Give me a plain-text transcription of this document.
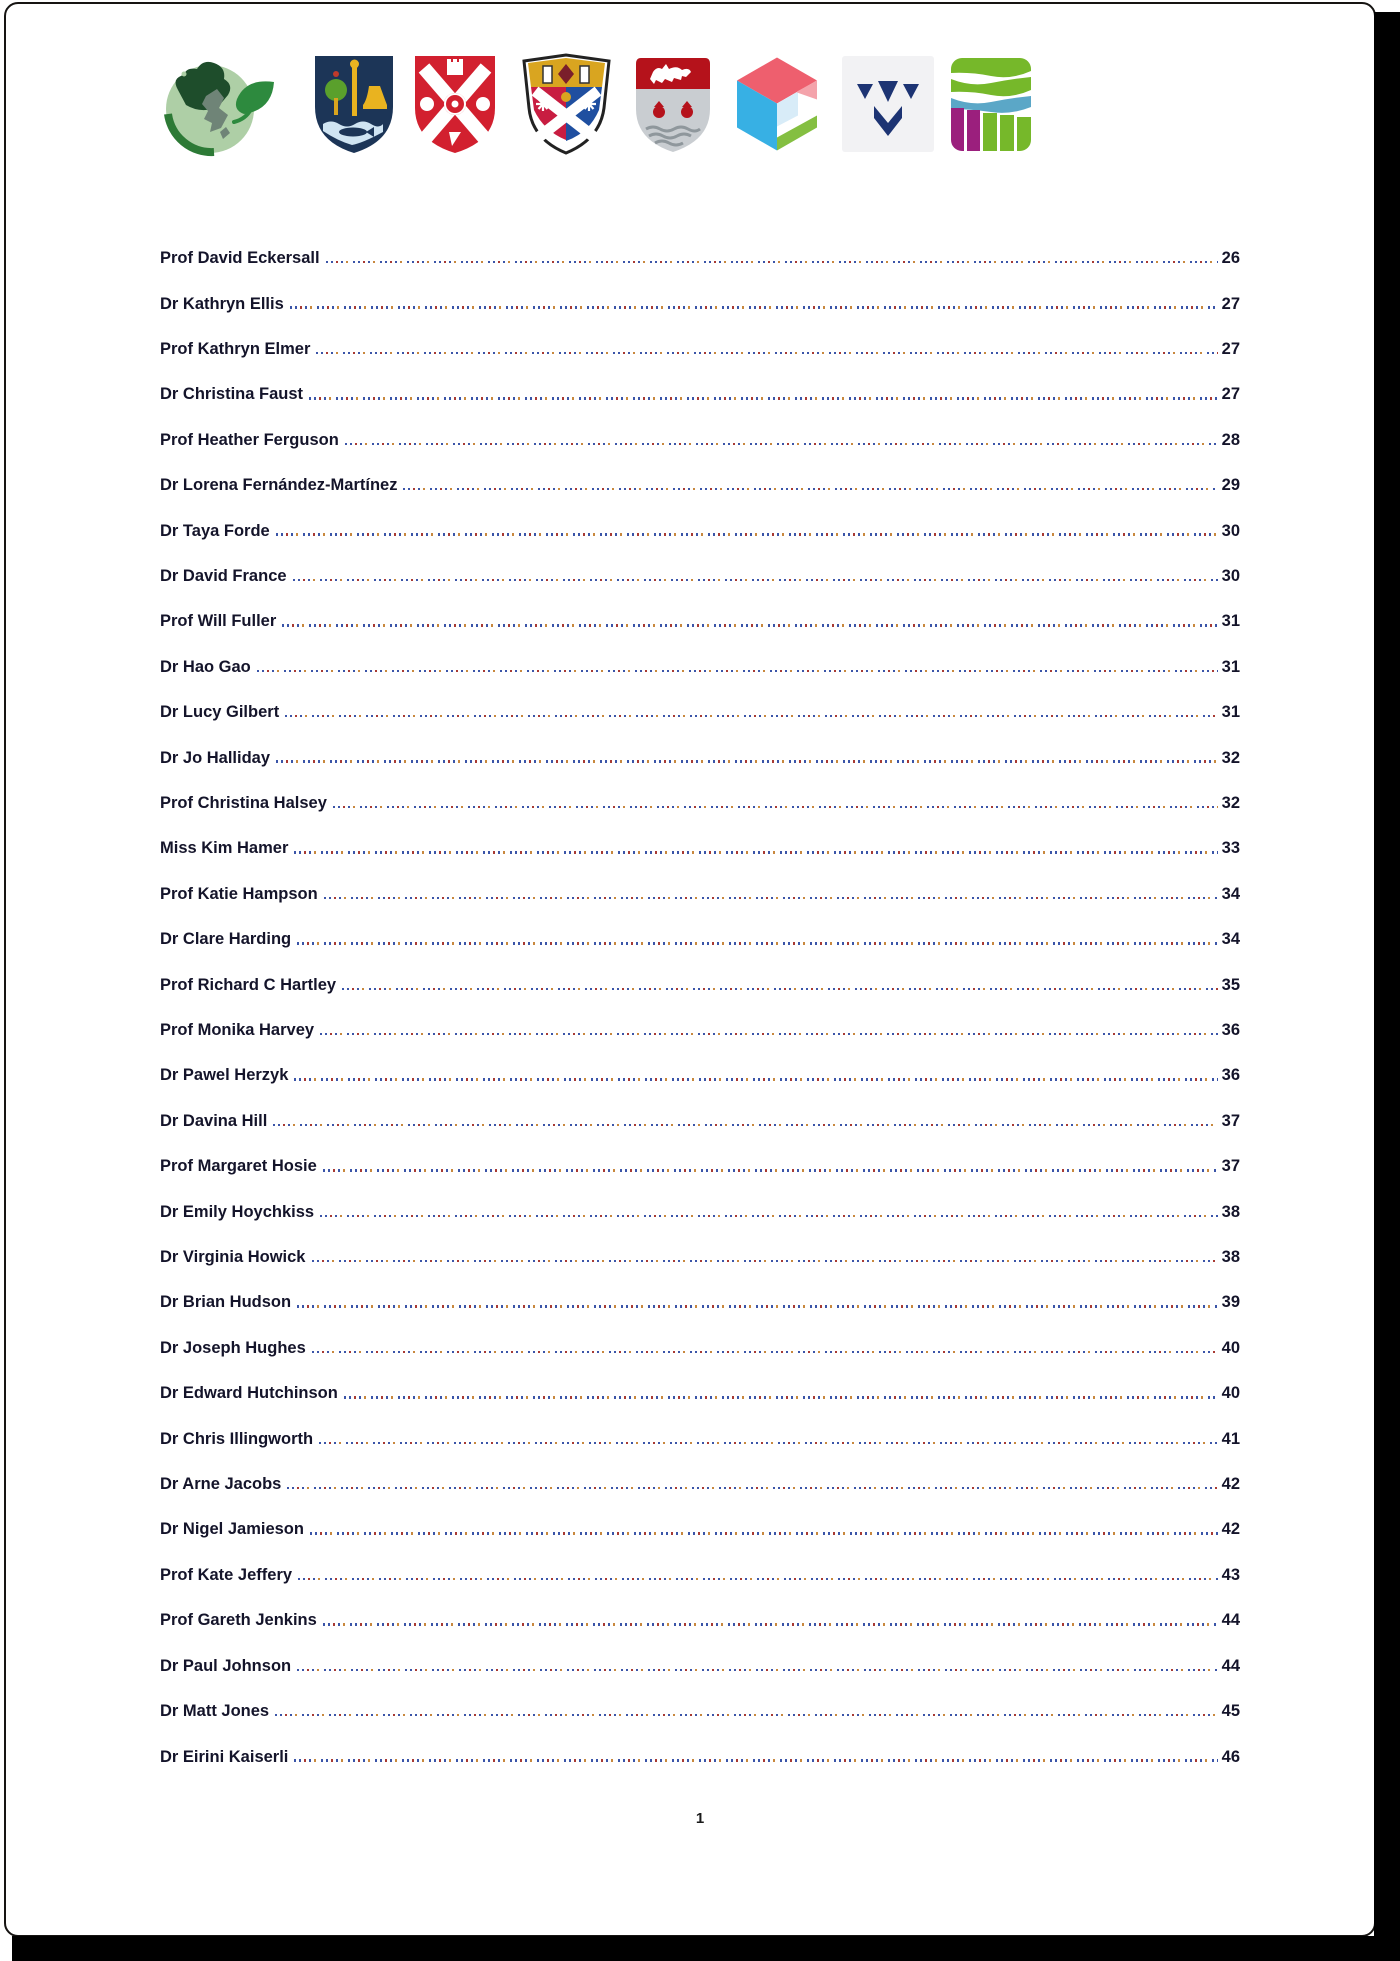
Prof David Eckersall	26
Dr Kathryn Ellis	27
Prof Kathryn Elmer	27
Dr Christina Faust	27
Prof Heather Ferguson	28
Dr Lorena Fernández-Martínez	29
Dr Taya Forde	30
Dr David France	30
Prof Will Fuller	31
Dr Hao Gao	31
Dr Lucy Gilbert	31
Dr Jo Halliday	32
Prof Christina Halsey	32
Miss Kim Hamer	33
Prof Katie Hampson	34
Dr Clare Harding	34
Prof Richard C Hartley	35
Prof Monika Harvey	36
Dr Pawel Herzyk	36
Dr Davina Hill	37
Prof Margaret Hosie	37
Dr Emily Hoychkiss	38
Dr Virginia Howick	38
Dr Brian Hudson	39
Dr Joseph Hughes	40
Dr Edward Hutchinson	40
Dr Chris Illingworth	41
Dr Arne Jacobs	42
Dr Nigel Jamieson	42
Prof Kate Jeffery	43
Prof Gareth Jenkins	44
Dr Paul Johnson	44
Dr Matt Jones	45
Dr Eirini Kaiserli	46
1
